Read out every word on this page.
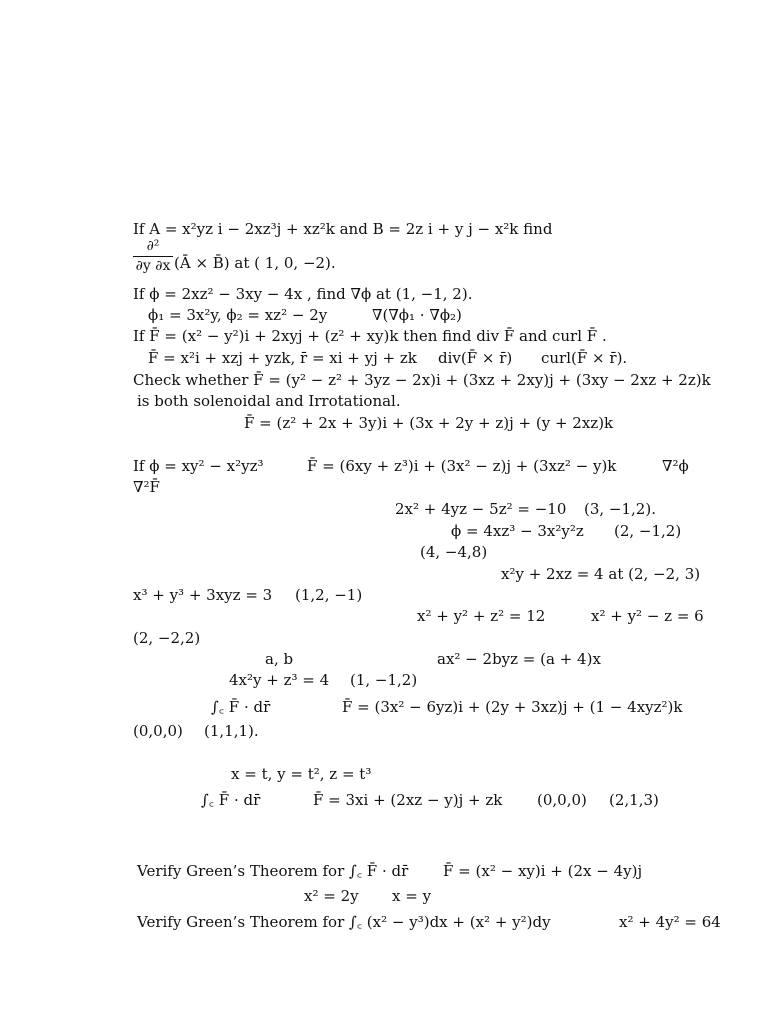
If A = x²yz i − 2xz³j + xz²k and B = 2z i + y j − x²k find
∂²
∂y ∂x (Ā × B̄) at ( 1, 0, −2).
If ϕ = 2xz² − 3xy − 4x , find ∇ϕ at (1, −1, 2).
ϕ₁ = 3x²y, ϕ₂ = xz² − 2y	∇(∇ϕ₁ · ∇ϕ₂)
If F̄ = (x² − y²)i + 2xyj + (z² + xy)k then find div F̄ and curl F̄ .
F̄ = x²i + xzj + yzk, r̄ = xi + yj + zk div(F̄ × r̄) curl(F̄ × r̄).
Check whether F̄ = (y² − z² + 3yz − 2x)i + (3xz + 2xy)j + (3xy − 2xz + 2z)k
is both solenoidal and Irrotational.
F̄ = (z² + 2x + 3y)i + (3x + 2y + z)j + (y + 2xz)k
If ϕ = xy² − x²yz³	F̄ = (6xy + z³)i + (3x² − z)j + (3xz² − y)k	∇²ϕ
∇²F̄
2x² + 4yz − 5z² = −10 (3, −1,2).
ϕ = 4xz³ − 3x²y²z (2, −1,2)
(4, −4,8)
x²y + 2xz = 4 at (2, −2, 3)
x³ + y³ + 3xyz = 3 (1,2, −1)
x² + y² + z² = 12	x² + y² − z = 6
(2, −2,2)
a, b	ax² − 2byz = (a + 4)x
4x²y + z³ = 4 (1, −1,2)
∫꜀ F̄ · dr̄	F̄ = (3x² − 6yz)i + (2y + 3xz)j + (1 − 4xyz²)k
(0,0,0) (1,1,1).
x = t, y = t², z = t³
∫꜀ F̄ · dr̄	F̄ = 3xi + (2xz − y)j + zk (0,0,0) (2,1,3)
Verify Green’s Theorem for ∫꜀ F̄ · dr̄ F̄ = (x² − xy)i + (2x − 4y)j
x² = 2y x = y
Verify Green’s Theorem for ∫꜀ (x² − y³)dx + (x² + y²)dy	x² + 4y² = 64
